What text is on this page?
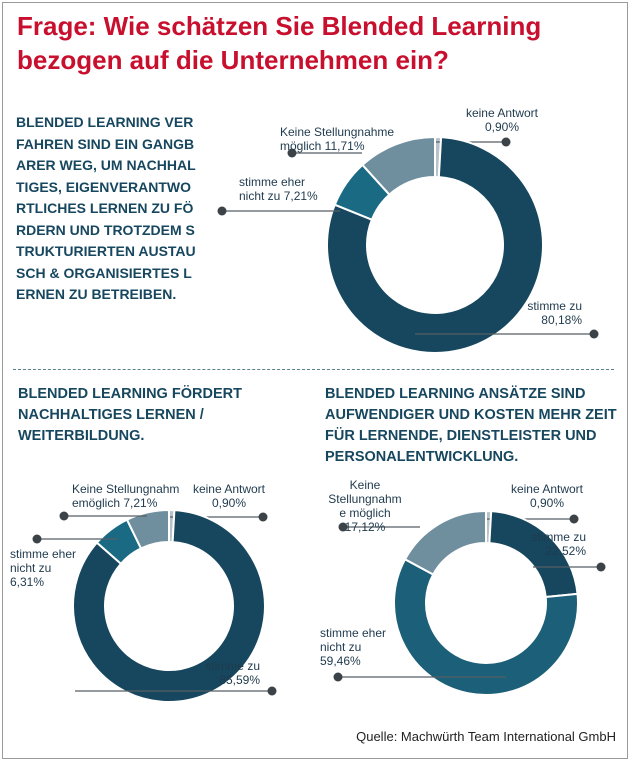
Frage: Wie schätzen Sie Blended Learning
bezogen auf die Unternehmen ein?

BLENDED LEARNING VERFAHREN SIND EIN GANGBARER WEG, UM NACHHALTIGES, EIGENVERANTWORTLICHES LERNEN ZU FÖRDERN UND TROTZDEM STRUKTURIERTEN AUSTAUSCH & ORGANISIERTES LERNEN ZU BETREIBEN.

BLENDED LEARNING FÖRDERT NACHHALTIGES LERNEN / WEITERBILDUNG.

BLENDED LEARNING ANSÄTZE SIND AUFWENDIGER UND KOSTEN MEHR ZEIT FÜR LERNENDE, DIENSTLEISTER UND PERSONALENTWICKLUNG.

keine Antwort 0,90%
stimme zu 80,18%
stimme eher nicht zu 7,21%
Keine Stellungnahme möglich 11,71%
keine Antwort 0,90%
stimme zu 85,59%
stimme eher nicht zu 6,31%
Keine Stellungnahm emöglich 7,21%
keine Antwort 0,90%
stimme zu 22,52%
stimme eher nicht zu 59,46%
Keine Stellungnahm e möglich 17,12%

Quelle: Machwürth Team International GmbH
